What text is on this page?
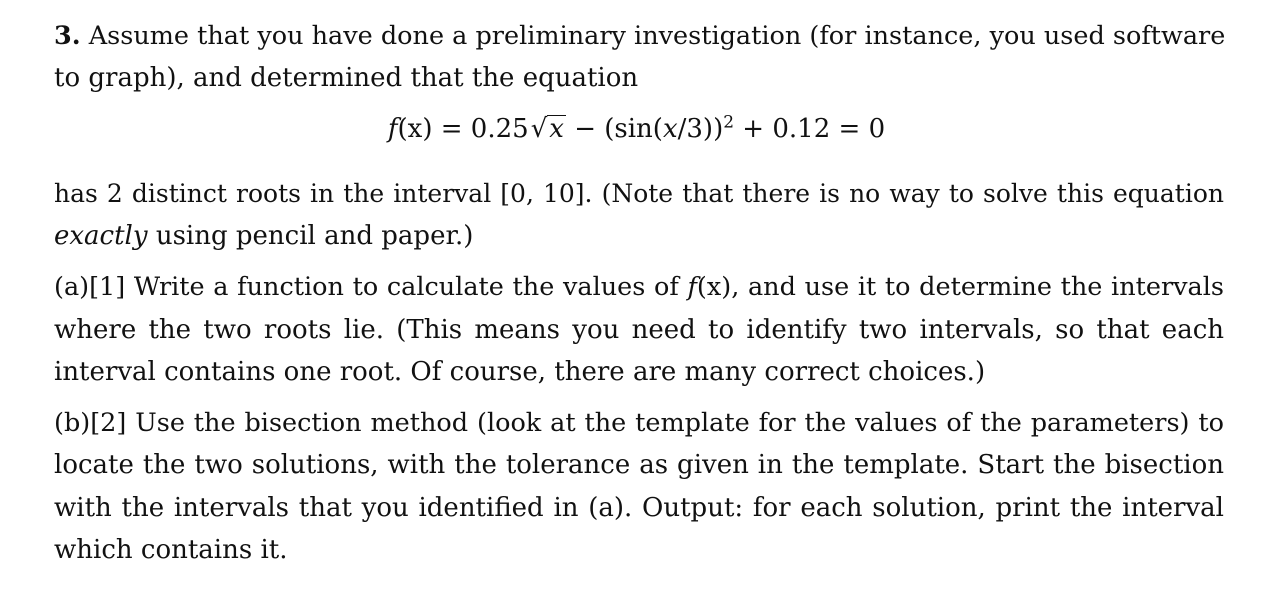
3. Assume that you have done a preliminary investigation (for instance, you used software

to graph), and determined that the equation

$f(x) = 0.25√x - (\sin(x/3))^2 + 0.12 = 0$

has 2 distinct roots in the interval [0, 10]. (Note that there is no way to solve this equation

exactly using pencil and paper.)

(a)[1] Write a function to calculate the values of f(x), and use it to determine the intervals

where the two roots lie. (This means you need to identify two intervals, so that each

interval contains one root. Of course, there are many correct choices.)

(b)[2] Use the bisection method (look at the template for the values of the parameters) to

locate the two solutions, with the tolerance as given in the template. Start the bisection

with the intervals that you identified in (a). Output: for each solution, print the interval

which contains it.
